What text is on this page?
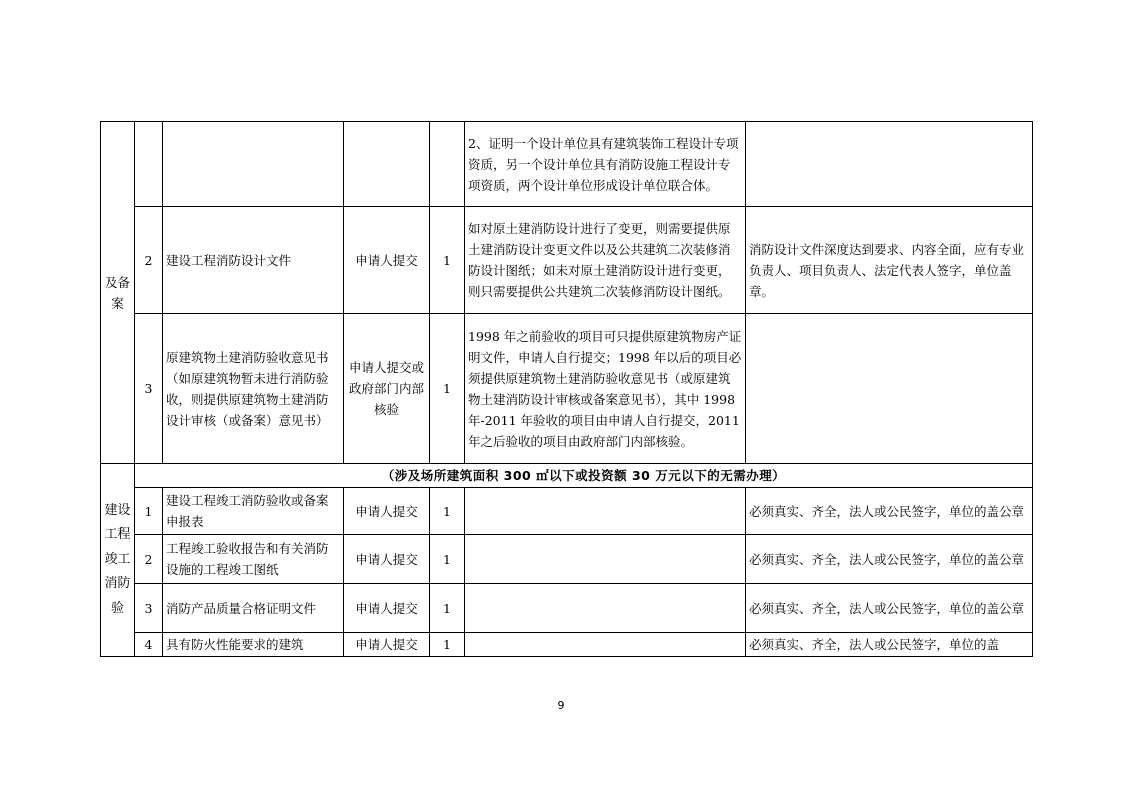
及备案					2、证明一个设计单位具有建筑装饰工程设计专项资质，另一个设计单位具有消防设施工程设计专项资质，两个设计单位形成设计单位联合体。	
	2	建设工程消防设计文件	申请人提交	1	如对原土建消防设计进行了变更，则需要提供原土建消防设计变更文件以及公共建筑二次装修消防设计图纸；如未对原土建消防设计进行变更，则只需要提供公共建筑二次装修消防设计图纸。	消防设计文件深度达到要求、内容全面，应有专业负责人、项目负责人、法定代表人签字，单位盖章。
	3	原建筑物土建消防验收意见书（如原建筑物暂未进行消防验收，则提供原建筑物土建消防设计审核（或备案）意见书）	申请人提交或政府部门内部核验	1	1998 年之前验收的项目可只提供原建筑物房产证明文件，申请人自行提交；1998 年以后的项目必须提供原建筑物土建消防验收意见书（或原建筑物土建消防设计审核或备案意见书），其中 1998 年-2011 年验收的项目由申请人自行提交，2011 年之后验收的项目由政府部门内部核验。	

建设工程竣工消防验	（涉及场所建筑面积 300 ㎡以下或投资额 30 万元以下的无需办理）					
	1	建设工程竣工消防验收或备案申报表	申请人提交	1		必须真实、齐全，法人或公民签字，单位的盖公章
	2	工程竣工验收报告和有关消防设施的工程竣工图纸	申请人提交	1		必须真实、齐全，法人或公民签字，单位的盖公章
	3	消防产品质量合格证明文件	申请人提交	1		必须真实、齐全，法人或公民签字，单位的盖公章
	4	具有防火性能要求的建筑	申请人提交	1		必须真实、齐全，法人或公民签字，单位的盖
9
